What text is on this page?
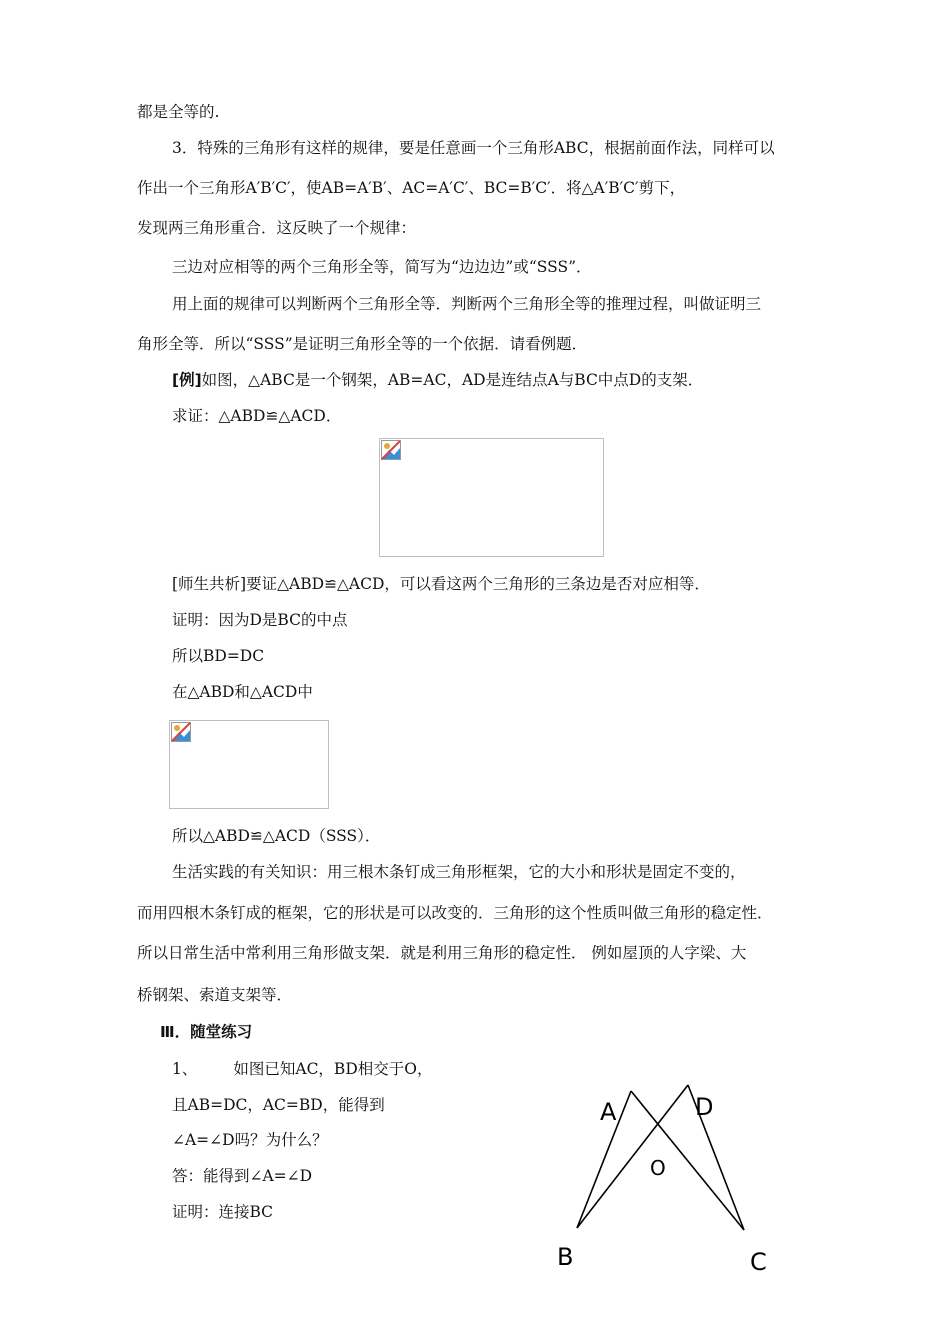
都是全等的.
3．特殊的三角形有这样的规律，要是任意画一个三角形ABC，根据前面作法，同样可以
作出一个三角形A′B′C′，使AB=A′B′、AC=A′C′、BC=B′C′．将△A′B′C′剪下，
发现两三角形重合．这反映了一个规律：
三边对应相等的两个三角形全等，简写为“边边边”或“SSS”．
用上面的规律可以判断两个三角形全等．判断两个三角形全等的推理过程，叫做证明三
角形全等．所以“SSS”是证明三角形全等的一个依据．请看例题．
[例]如图，△ABC是一个钢架，AB=AC，AD是连结点A与BC中点D的支架．
求证：△ABD≌△ACD．
[师生共析]要证△ABD≌△ACD，可以看这两个三角形的三条边是否对应相等．
证明：因为D是BC的中点
所以BD=DC
在△ABD和△ACD中
所以△ABD≌△ACD（SSS）．
生活实践的有关知识：用三根木条钉成三角形框架，它的大小和形状是固定不变的，
而用四根木条钉成的框架，它的形状是可以改变的．三角形的这个性质叫做三角形的稳定性．
所以日常生活中常利用三角形做支架．就是利用三角形的稳定性． 例如屋顶的人字梁、大
桥钢架、索道支架等．
Ⅲ．随堂练习
1、 如图已知AC，BD相交于O，
且AB=DC，AC=BD，能得到
∠A=∠D吗？为什么？
答：能得到∠A=∠D
证明：连接BC
A	D
O
B	C
